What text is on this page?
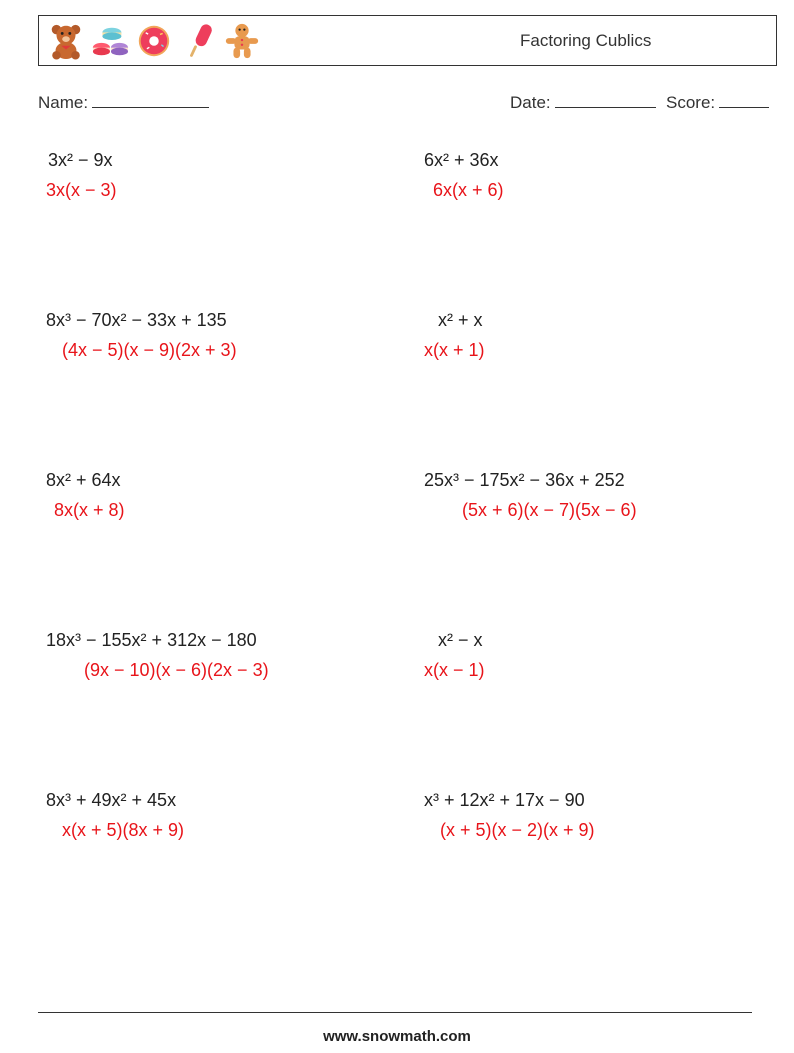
Factoring Cublics
Name:	Date:	Score:
3x² − 9x
3x(x − 3)
6x² + 36x
6x(x + 6)
8x³ − 70x² − 33x + 135
(4x − 5)(x − 9)(2x + 3)
x² + x
x(x + 1)
8x² + 64x
8x(x + 8)
25x³ − 175x² − 36x + 252
(5x + 6)(x − 7)(5x − 6)
18x³ − 155x² + 312x − 180
(9x − 10)(x − 6)(2x − 3)
x² − x
x(x − 1)
8x³ + 49x² + 45x
x(x + 5)(8x + 9)
x³ + 12x² + 17x − 90
(x + 5)(x − 2)(x + 9)
www.snowmath.com
